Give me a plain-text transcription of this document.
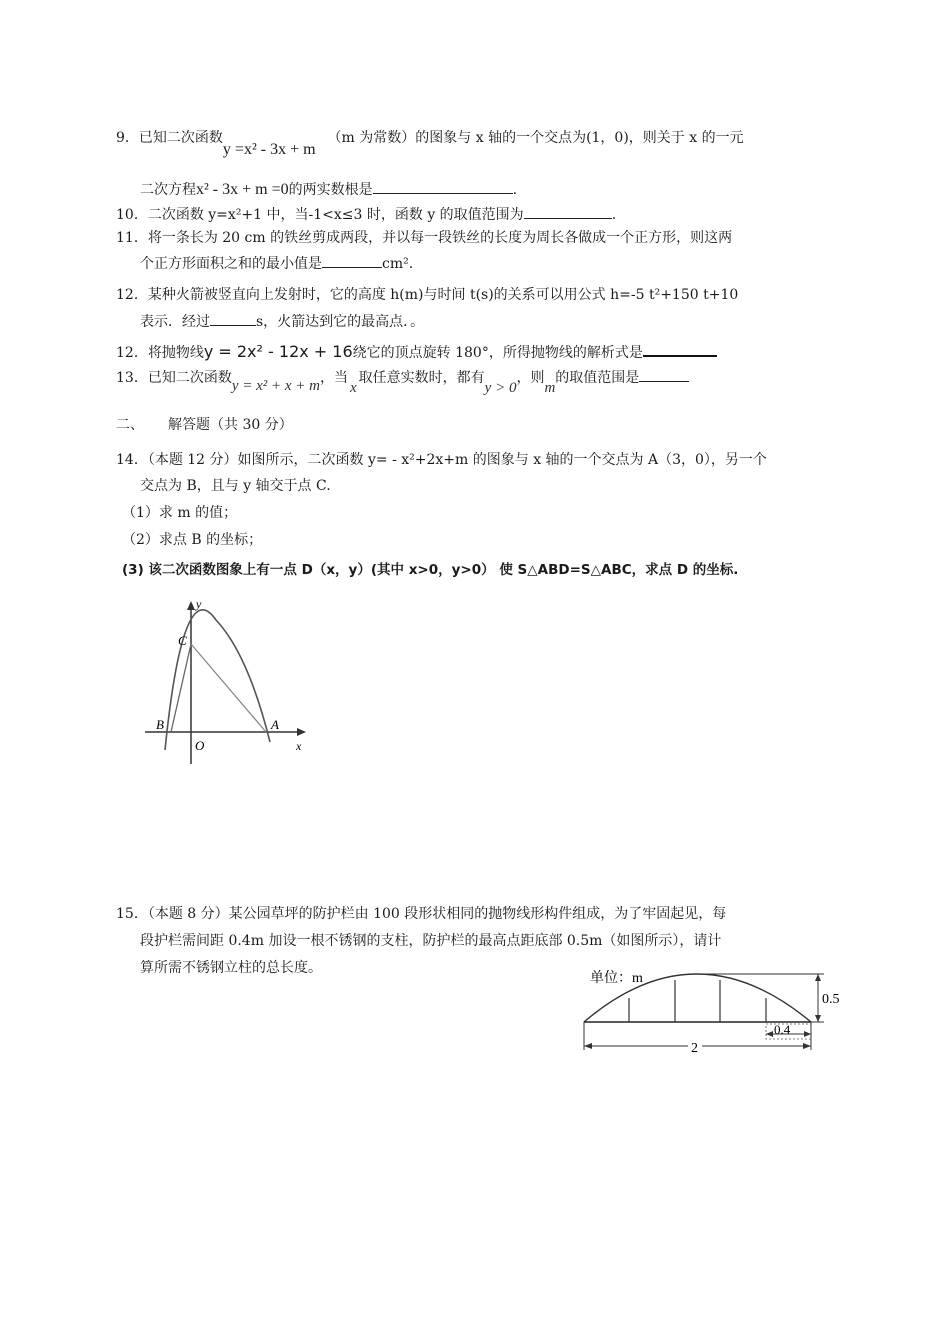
9．已知二次函数y =x² - 3x + m（m 为常数）的图象与 x 轴的一个交点为(1，0)，则关于 x 的一元
二次方程x² - 3x + m =0的两实数根是	.
10．二次函数 y=x²+1 中，当-1<x≤3 时，函数 y 的取值范围为	.
11．将一条长为 20 cm 的铁丝剪成两段，并以每一段铁丝的长度为周长各做成一个正方形，则这两
个正方形面积之和的最小值是	cm².
12．某种火箭被竖直向上发射时，它的高度 h(m)与时间 t(s)的关系可以用公式 h=-5 t²+150 t+10
表示．经过	s，火箭达到它的最高点．。
12．将抛物线y = 2x² - 12x + 16绕它的顶点旋转 180°，所得抛物线的解析式是
13．已知二次函数y = x² + x + m，当x取任意实数时，都有y > 0，则m的取值范围是
二、 解答题（共 30 分）
14．（本题 12 分）如图所示，二次函数 y= - x²+2x+m 的图象与 x 轴的一个交点为 A（3，0），另一个
交点为 B，且与 y 轴交于点 C.
（1）求 m 的值；
（2）求点 B 的坐标；
(3) 该二次函数图象上有一点 D（x，y）(其中 x>0，y>0） 使 S△ABD=S△ABC，求点 D 的坐标.
y
x
C
B
O
A
15．（本题 8 分）某公园草坪的防护栏由 100 段形状相同的抛物线形构件组成，为了牢固起见，每
段护栏需间距 0.4m 加设一根不锈钢的支柱，防护栏的最高点距底部 0.5m（如图所示），请计
算所需不锈钢立柱的总长度。
单位：m
0.5
0.4
2
